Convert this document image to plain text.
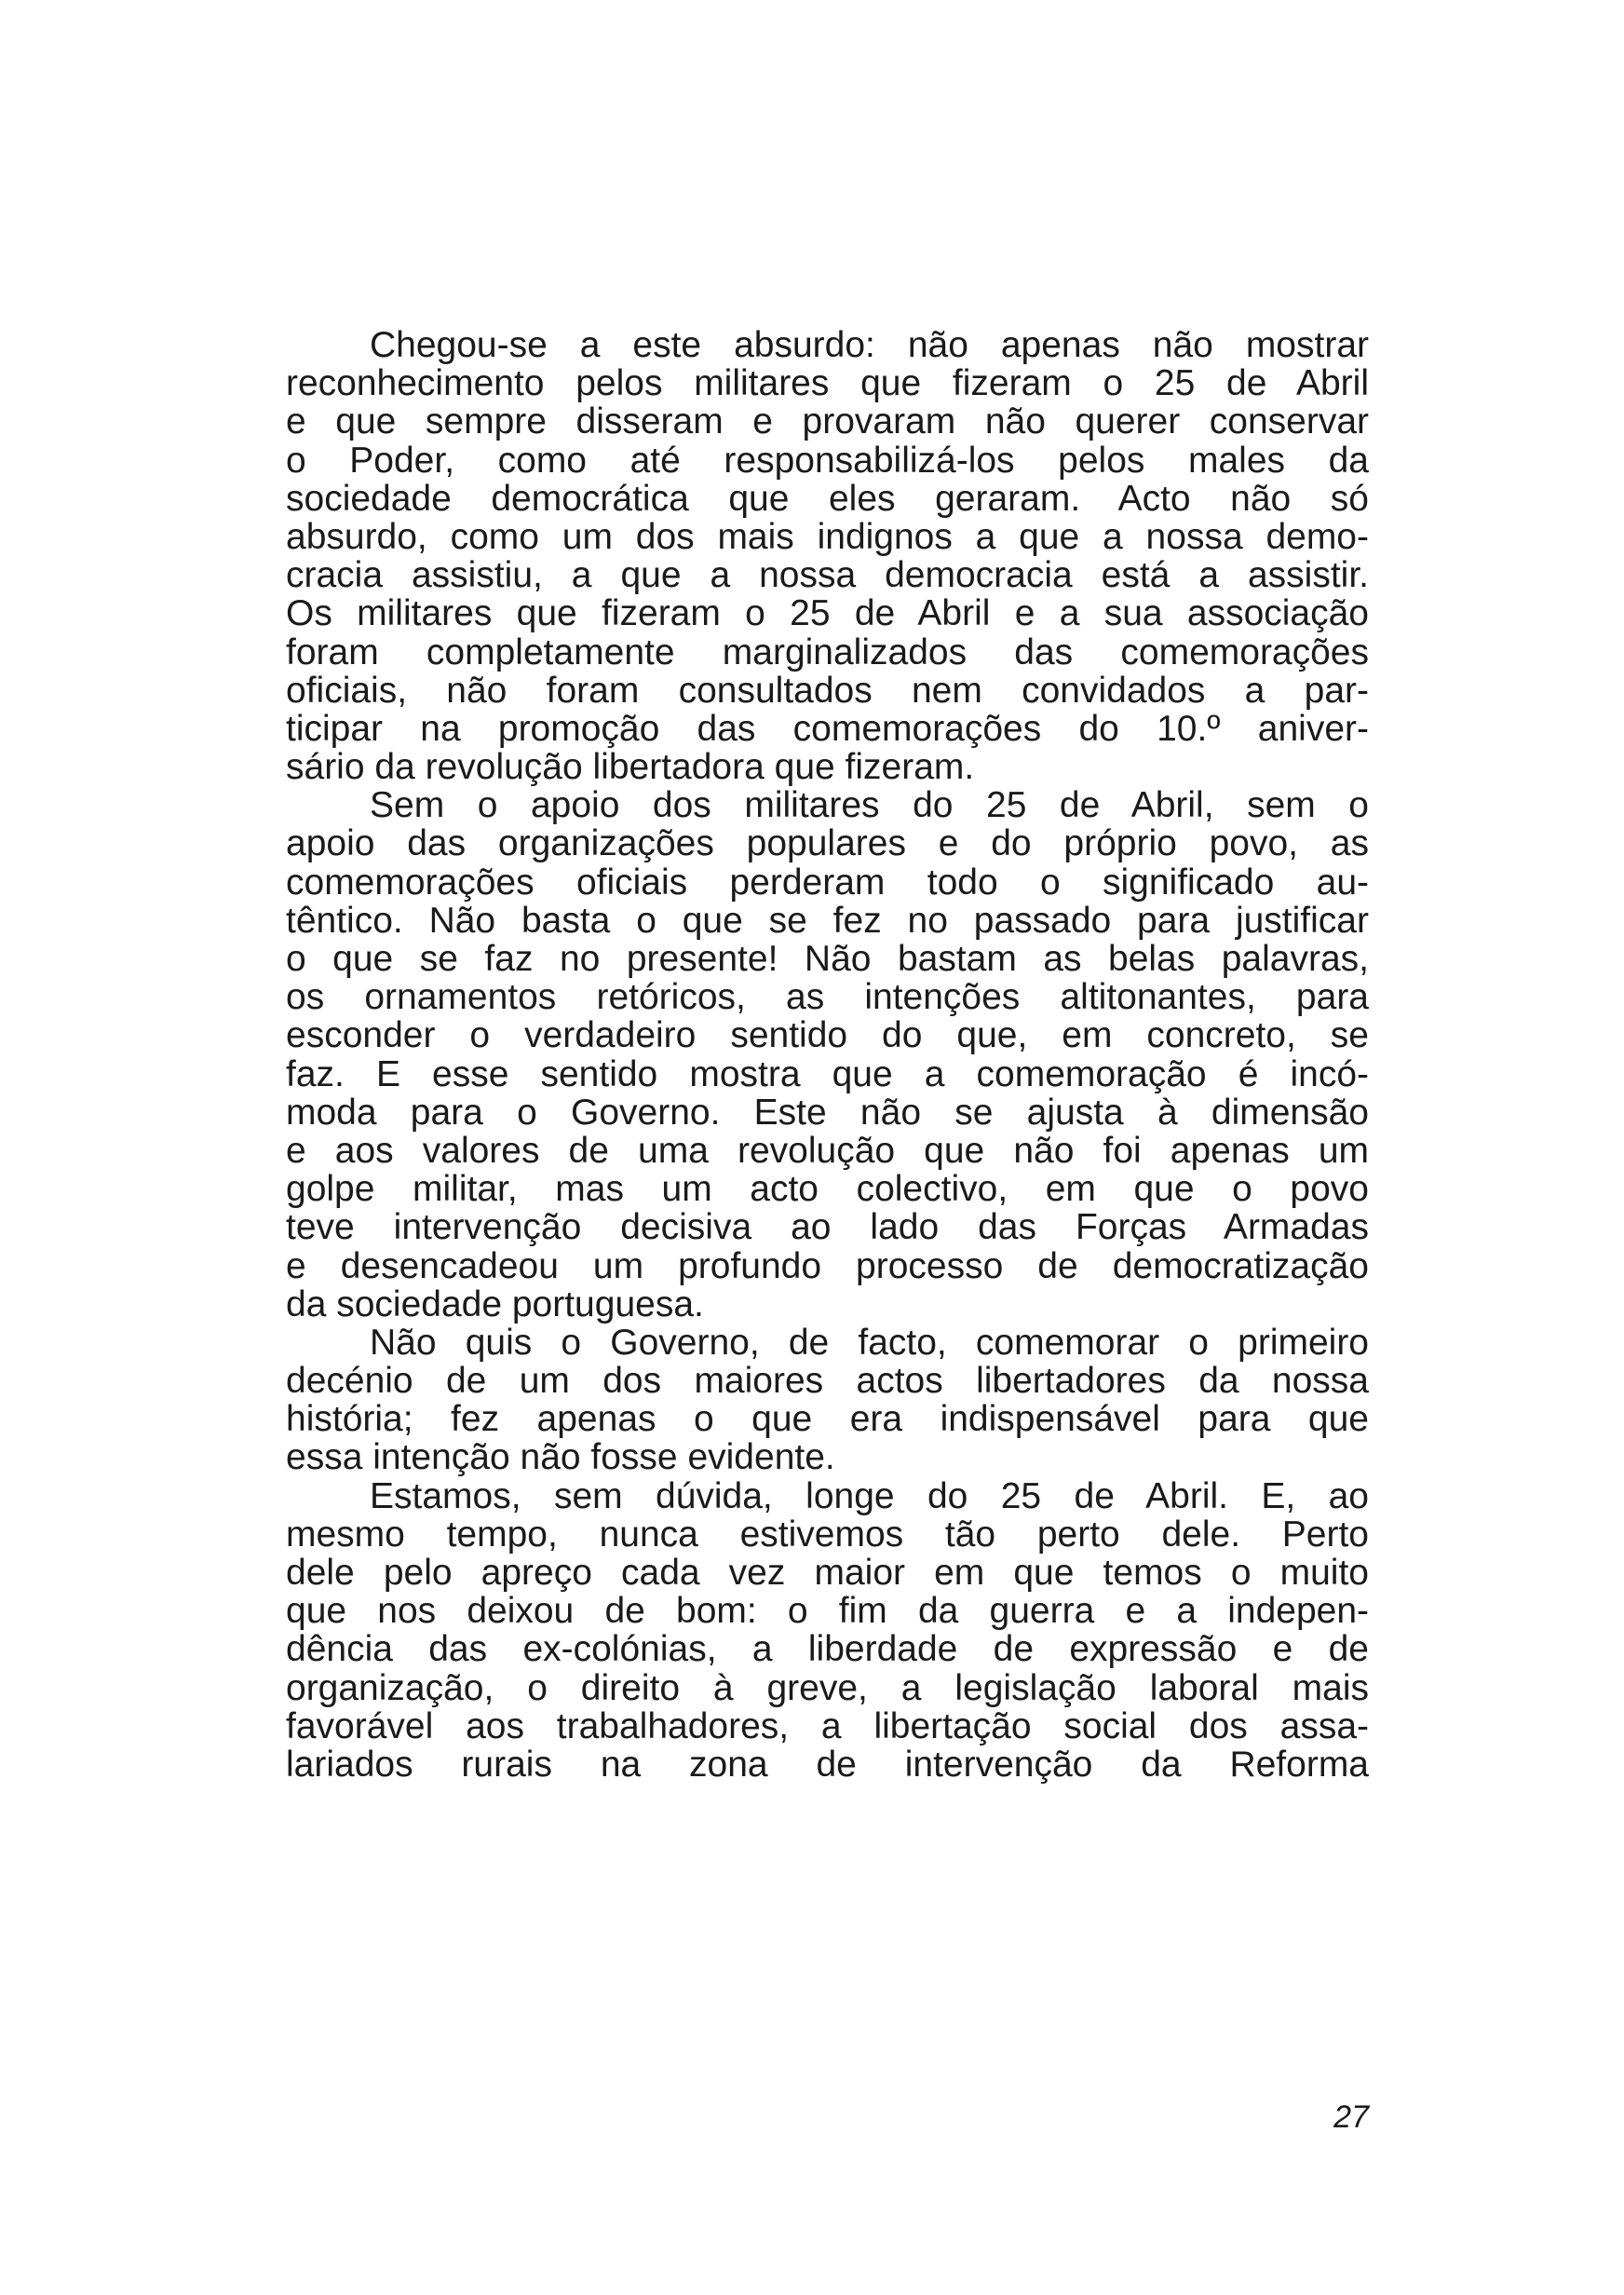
Chegou-se a este absurdo: não apenas não mostrar
reconhecimento pelos militares que fizeram o 25 de Abril
e que sempre disseram e provaram não querer conservar
o Poder, como até responsabilizá-los pelos males da
sociedade democrática que eles geraram. Acto não só
absurdo, como um dos mais indignos a que a nossa demo-
cracia assistiu, a que a nossa democracia está a assistir.
Os militares que fizeram o 25 de Abril e a sua associação
foram completamente marginalizados das comemorações
oficiais, não foram consultados nem convidados a par-
ticipar na promoção das comemorações do 10.º aniver-
sário da revolução libertadora que fizeram.
Sem o apoio dos militares do 25 de Abril, sem o
apoio das organizações populares e do próprio povo, as
comemorações oficiais perderam todo o significado au-
têntico. Não basta o que se fez no passado para justificar
o que se faz no presente! Não bastam as belas palavras,
os ornamentos retóricos, as intenções altitonantes, para
esconder o verdadeiro sentido do que, em concreto, se
faz. E esse sentido mostra que a comemoração é incó-
moda para o Governo. Este não se ajusta à dimensão
e aos valores de uma revolução que não foi apenas um
golpe militar, mas um acto colectivo, em que o povo
teve intervenção decisiva ao lado das Forças Armadas
e desencadeou um profundo processo de democratização
da sociedade portuguesa.
Não quis o Governo, de facto, comemorar o primeiro
decénio de um dos maiores actos libertadores da nossa
história; fez apenas o que era indispensável para que
essa intenção não fosse evidente.
Estamos, sem dúvida, longe do 25 de Abril. E, ao
mesmo tempo, nunca estivemos tão perto dele. Perto
dele pelo apreço cada vez maior em que temos o muito
que nos deixou de bom: o fim da guerra e a indepen-
dência das ex-colónias, a liberdade de expressão e de
organização, o direito à greve, a legislação laboral mais
favorável aos trabalhadores, a libertação social dos assa-
lariados rurais na zona de intervenção da Reforma
27
